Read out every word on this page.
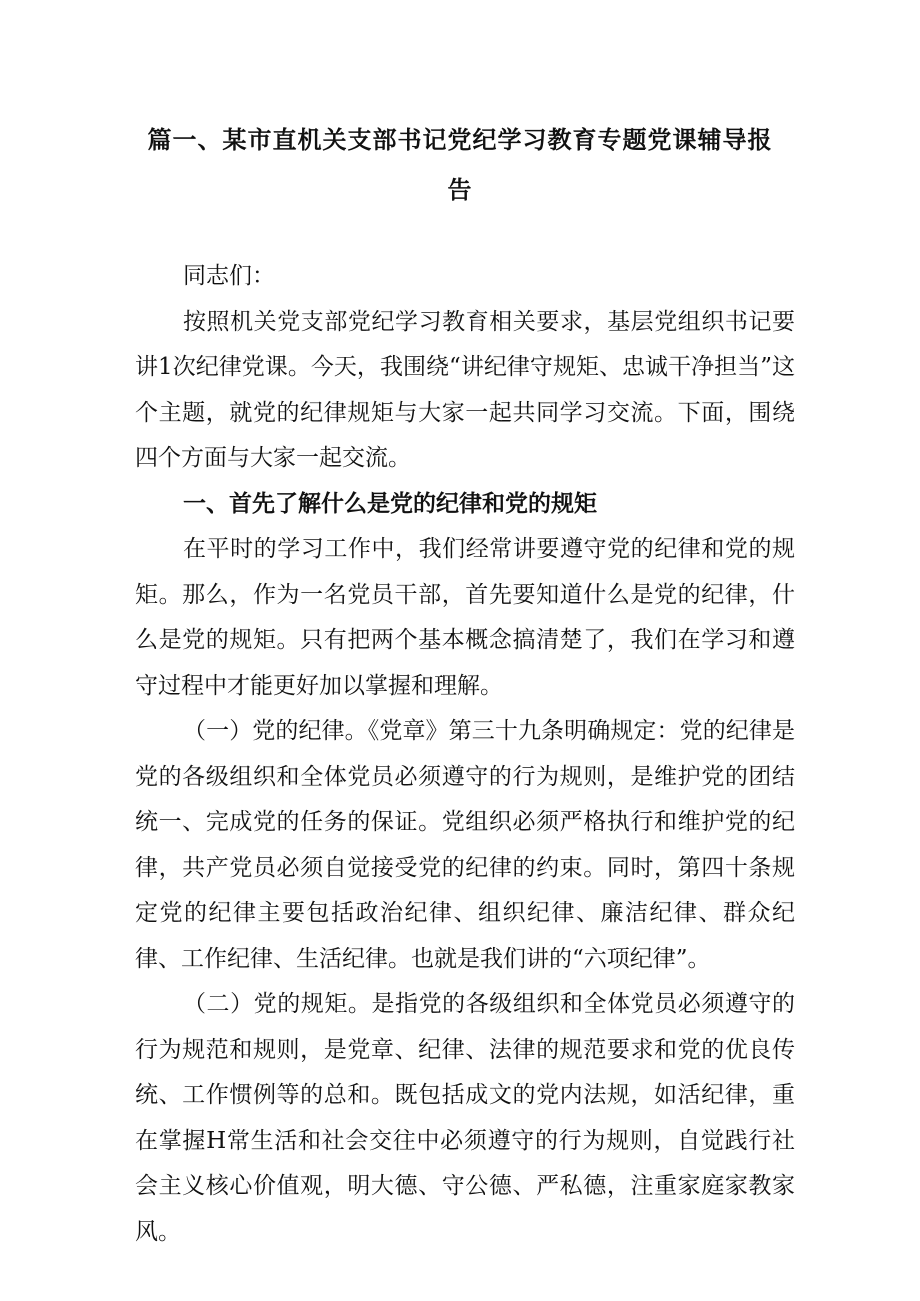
篇一、某市直机关支部书记党纪学习教育专题党课辅导报
告

同志们：

按照机关党支部党纪学习教育相关要求，基层党组织书记要讲1次纪律党课。今天，我围绕“讲纪律守规矩、忠诚干净担当”这个主题，就党的纪律规矩与大家一起共同学习交流。下面，围绕四个方面与大家一起交流。

一、首先了解什么是党的纪律和党的规矩

在平时的学习工作中，我们经常讲要遵守党的纪律和党的规矩。那么，作为一名党员干部，首先要知道什么是党的纪律，什么是党的规矩。只有把两个基本概念搞清楚了，我们在学习和遵守过程中才能更好加以掌握和理解。

（一）党的纪律。《党章》第三十九条明确规定：党的纪律是党的各级组织和全体党员必须遵守的行为规则，是维护党的团结统一、完成党的任务的保证。党组织必须严格执行和维护党的纪律，共产党员必须自觉接受党的纪律的约束。同时，第四十条规定党的纪律主要包括政治纪律、组织纪律、廉洁纪律、群众纪律、工作纪律、生活纪律。也就是我们讲的“六项纪律”。

（二）党的规矩。是指党的各级组织和全体党员必须遵守的行为规范和规则，是党章、纪律、法律的规范要求和党的优良传统、工作惯例等的总和。既包括成文的党内法规，如活纪律，重在掌握H常生活和社会交往中必须遵守的行为规则，自觉践行社会主义核心价值观，明大德、守公德、严私德，注重家庭家教家风。
